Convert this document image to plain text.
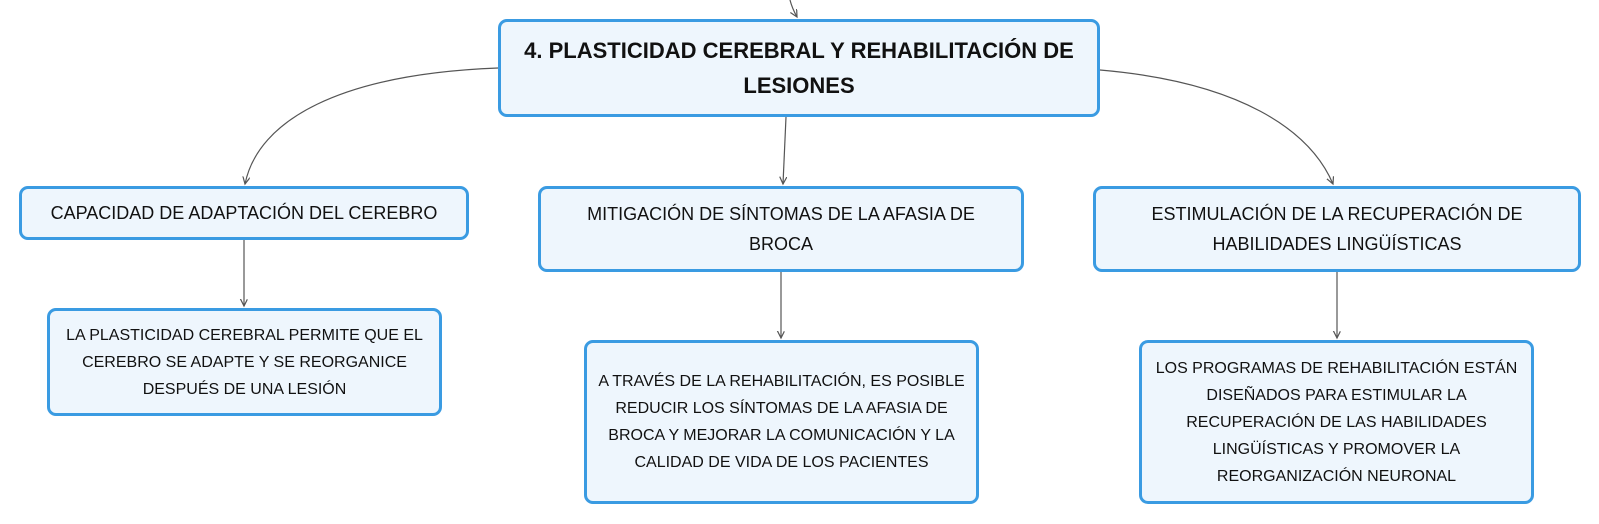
4. PLASTICIDAD CEREBRAL Y REHABILITACIÓN DE LESIONES
CAPACIDAD DE ADAPTACIÓN DEL CEREBRO	MITIGACIÓN DE SÍNTOMAS DE LA AFASIA DE BROCA
ESTIMULACIÓN DE LA RECUPERACIÓN DE HABILIDADES LINGÜÍSTICAS
LA PLASTICIDAD CEREBRAL PERMITE QUE EL CEREBRO SE ADAPTE Y SE REORGANICE DESPUÉS DE UNA LESIÓN	A TRAVÉS DE LA REHABILITACIÓN, ES POSIBLE REDUCIR LOS SÍNTOMAS DE LA AFASIA DE BROCA Y MEJORAR LA COMUNICACIÓN Y LA CALIDAD DE VIDA DE LOS PACIENTES
LOS PROGRAMAS DE REHABILITACIÓN ESTÁN DISEÑADOS PARA ESTIMULAR LA RECUPERACIÓN DE LAS HABILIDADES LINGÜÍSTICAS Y PROMOVER LA REORGANIZACIÓN NEURONAL
